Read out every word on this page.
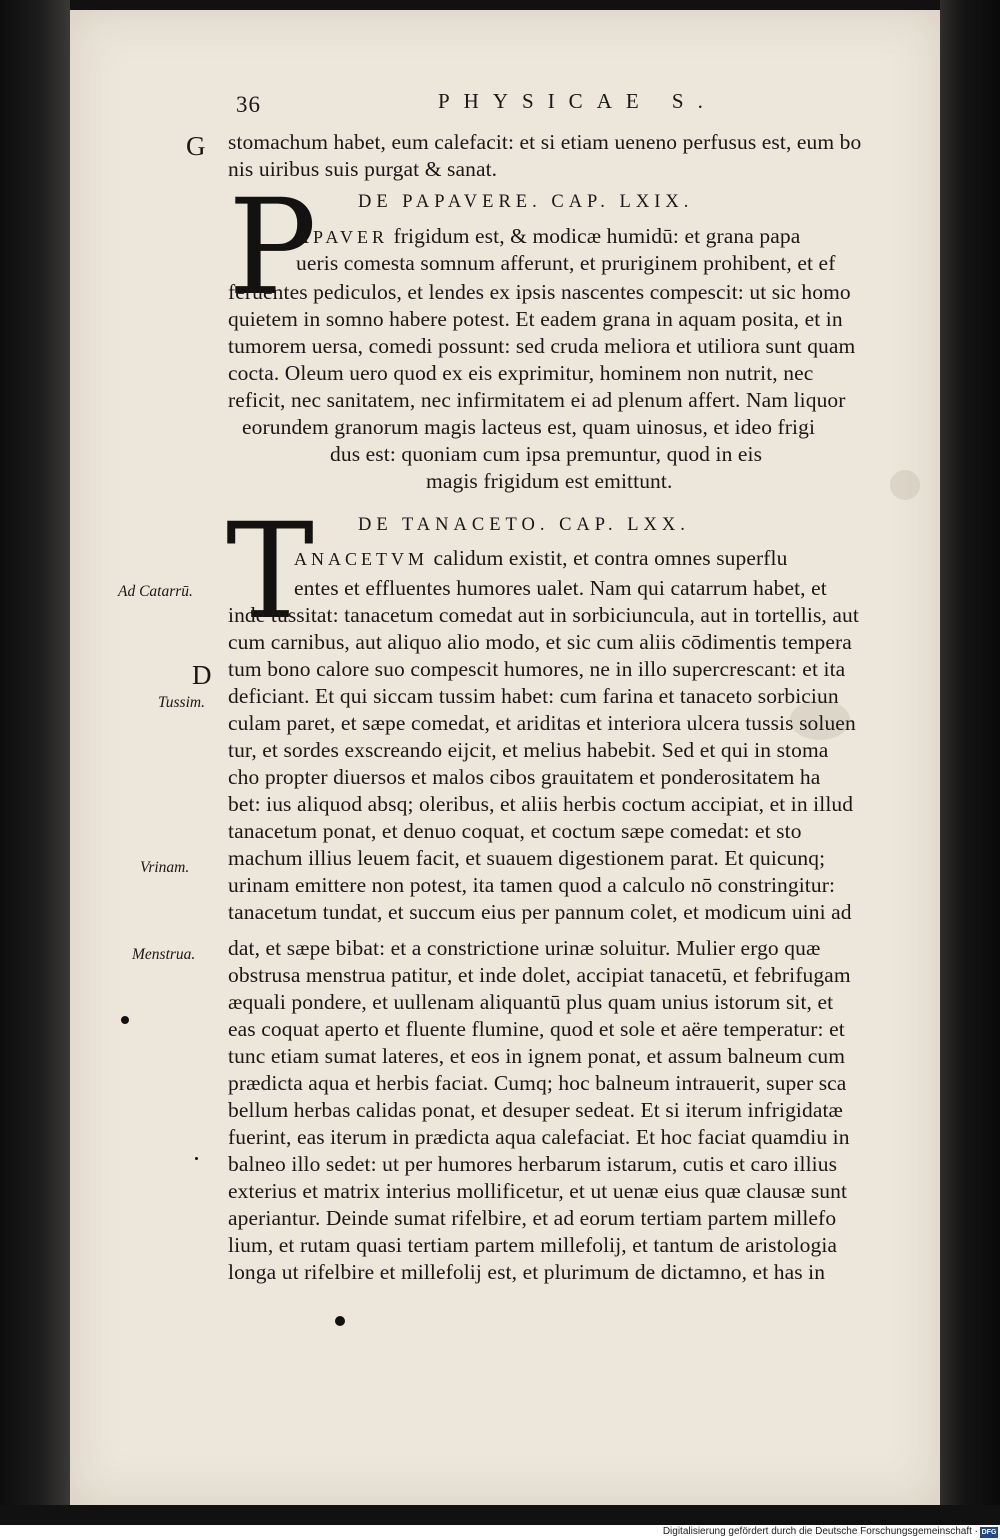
36	PHYSICAE S.
G stomachum habet, eum calefacit: et si etiam ueneno perfusus est, eum bo
nis uiribus suis purgat & sanat.
DE PAPAVERE. CAP. LXIX.
P
APAVER frigidum est, & modicæ humidū: et grana papa
ueris comesta somnum afferunt, et pruriginem prohibent, et ef
feruentes pediculos, et lendes ex ipsis nascentes compescit: ut sic homo
quietem in somno habere potest. Et eadem grana in aquam posita, et in
tumorem uersa, comedi possunt: sed cruda meliora et utiliora sunt quam
cocta. Oleum uero quod ex eis exprimitur, hominem non nutrit, nec
reficit, nec sanitatem, nec infirmitatem ei ad plenum affert. Nam liquor
eorundem granorum magis lacteus est, quam uinosus, et ideo frigi
dus est: quoniam cum ipsa premuntur, quod in eis
magis frigidum est emittunt.
DE TANACETO. CAP. LXX.
T
ANACETVM calidum existit, et contra omnes superflu
Ad Catarrū.	entes et effluentes humores ualet. Nam qui catarrum habet, et
inde tussitat: tanacetum comedat aut in sorbiciuncula, aut in tortellis, aut
cum carnibus, aut aliquo alio modo, et sic cum aliis cōdimentis tempera
D tum bono calore suo compescit humores, ne in illo supercrescant: et ita
Tussim. deficiant. Et qui siccam tussim habet: cum farina et tanaceto sorbiciun
culam paret, et sæpe comedat, et ariditas et interiora ulcera tussis soluen
tur, et sordes exscreando eijcit, et melius habebit. Sed et qui in stoma
cho propter diuersos et malos cibos grauitatem et ponderositatem ha
bet: ius aliquod absq; oleribus, et aliis herbis coctum accipiat, et in illud
tanacetum ponat, et denuo coquat, et coctum sæpe comedat: et sto
Vrinam. machum illius leuem facit, et suauem digestionem parat. Et quicunq;
urinam emittere non potest, ita tamen quod a calculo nō constringitur:
tanacetum tundat, et succum eius per pannum colet, et modicum uini ad
Menstrua. dat, et sæpe bibat: et a constrictione urinæ soluitur. Mulier ergo quæ
obstrusa menstrua patitur, et inde dolet, accipiat tanacetū, et febrifugam
æquali pondere, et uullenam aliquantū plus quam unius istorum sit, et
eas coquat aperto et fluente flumine, quod et sole et aëre temperatur: et
tunc etiam sumat lateres, et eos in ignem ponat, et assum balneum cum
prædicta aqua et herbis faciat. Cumq; hoc balneum intrauerit, super sca
bellum herbas calidas ponat, et desuper sedeat. Et si iterum infrigidatæ
fuerint, eas iterum in prædicta aqua calefaciat. Et hoc faciat quamdiu in
balneo illo sedet: ut per humores herbarum istarum, cutis et caro illius
exterius et matrix interius mollificetur, et ut uenæ eius quæ clausæ sunt
aperiantur. Deinde sumat rifelbire, et ad eorum tertiam partem millefo
lium, et rutam quasi tertiam partem millefolij, et tantum de aristologia
longa ut rifelbire et millefolij est, et plurimum de dictamno, et has in
Digitalisierung gefördert durch die Deutsche Forschungsgemeinschaft · DFG
